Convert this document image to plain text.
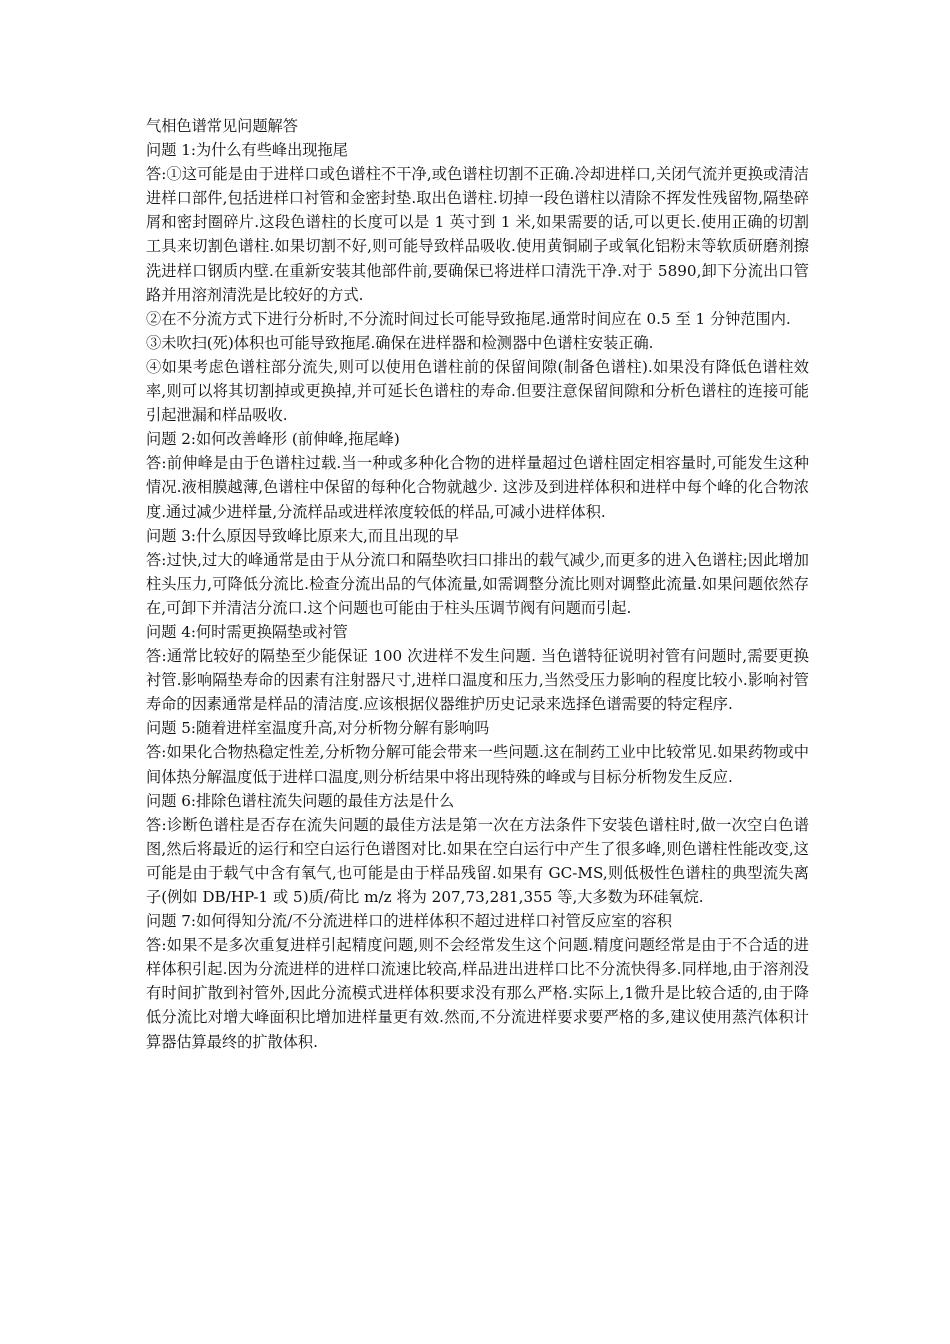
气相色谱常见问题解答

问题 1:为什么有些峰出现拖尾

答:①这可能是由于进样口或色谱柱不干净,或色谱柱切割不正确.冷却进样口,关闭气流并更换或清洁进样口部件,包括进样口衬管和金密封垫.取出色谱柱.切掉一段色谱柱以清除不挥发性残留物,隔垫碎屑和密封圈碎片.这段色谱柱的长度可以是 1 英寸到 1 米,如果需要的话,可以更长.使用正确的切割工具来切割色谱柱.如果切割不好,则可能导致样品吸收.使用黄铜刷子或氧化铝粉末等软质研磨剂擦洗进样口钢质内壁.在重新安装其他部件前,要确保已将进样口清洗干净.对于 5890,卸下分流出口管路并用溶剂清洗是比较好的方式.

②在不分流方式下进行分析时,不分流时间过长可能导致拖尾.通常时间应在 0.5 至 1 分钟范围内.

③未吹扫(死)体积也可能导致拖尾.确保在进样器和检测器中色谱柱安装正确.

④如果考虑色谱柱部分流失,则可以使用色谱柱前的保留间隙(制备色谱柱).如果没有降低色谱柱效率,则可以将其切割掉或更换掉,并可延长色谱柱的寿命.但要注意保留间隙和分析色谱柱的连接可能引起泄漏和样品吸收.

问题 2:如何改善峰形 (前伸峰,拖尾峰)

答:前伸峰是由于色谱柱过载.当一种或多种化合物的进样量超过色谱柱固定相容量时,可能发生这种情况.液相膜越薄,色谱柱中保留的每种化合物就越少. 这涉及到进样体积和进样中每个峰的化合物浓度.通过减少进样量,分流样品或进样浓度较低的样品,可减小进样体积.

问题 3:什么原因导致峰比原来大,而且出现的早

答:过快,过大的峰通常是由于从分流口和隔垫吹扫口排出的载气减少,而更多的进入色谱柱;因此增加柱头压力,可降低分流比.检查分流出品的气体流量,如需调整分流比则对调整此流量.如果问题依然存在,可卸下并清洁分流口.这个问题也可能由于柱头压调节阀有问题而引起.

问题 4:何时需更换隔垫或衬管

答:通常比较好的隔垫至少能保证 100 次进样不发生问题. 当色谱特征说明衬管有问题时,需要更换衬管.影响隔垫寿命的因素有注射器尺寸,进样口温度和压力,当然受压力影响的程度比较小.影响衬管寿命的因素通常是样品的清洁度.应该根据仪器维护历史记录来选择色谱需要的特定程序.

问题 5:随着进样室温度升高,对分析物分解有影响吗

答:如果化合物热稳定性差,分析物分解可能会带来一些问题.这在制药工业中比较常见.如果药物或中间体热分解温度低于进样口温度,则分析结果中将出现特殊的峰或与目标分析物发生反应.

问题 6:排除色谱柱流失问题的最佳方法是什么

答:诊断色谱柱是否存在流失问题的最佳方法是第一次在方法条件下安装色谱柱时,做一次空白色谱图,然后将最近的运行和空白运行色谱图对比.如果在空白运行中产生了很多峰,则色谱柱性能改变,这可能是由于载气中含有氧气,也可能是由于样品残留.如果有 GC-MS,则低极性色谱柱的典型流失离子(例如 DB/HP-1 或 5)质/荷比 m/z 将为 207,73,281,355 等,大多数为环硅氧烷.

问题 7:如何得知分流/不分流进样口的进样体积不超过进样口衬管反应室的容积

答:如果不是多次重复进样引起精度问题,则不会经常发生这个问题.精度问题经常是由于不合适的进样体积引起.因为分流进样的进样口流速比较高,样品进出进样口比不分流快得多.同样地,由于溶剂没有时间扩散到衬管外,因此分流模式进样体积要求没有那么严格.实际上,1微升是比较合适的,由于降低分流比对增大峰面积比增加进样量更有效.然而,不分流进样要求要严格的多,建议使用蒸汽体积计算器估算最终的扩散体积.
